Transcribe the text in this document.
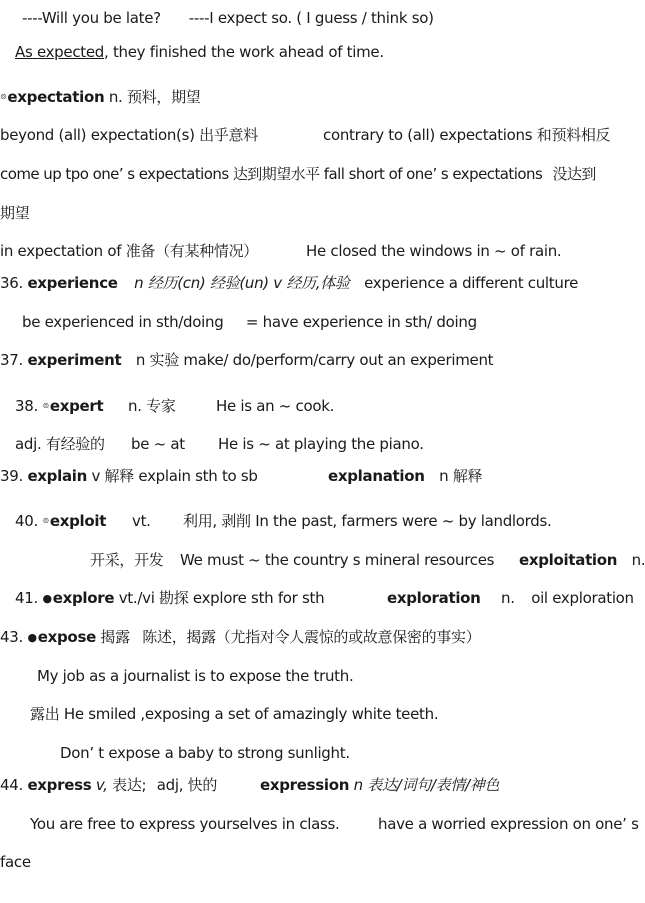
----Will you be late? ----I expect so. ( I guess / think so)
As expected, they finished the work ahead of time.
⊚expectation n. 预料，期望
beyond (all) expectation(s) 出乎意料	contrary to (all) expectations 和预料相反
come up tpo one’ s expectations 达到期望水平 fall short of one’ s expectations 没达到
期望
in expectation of 准备（有某种情况）	He closed the windows in ~ of rain.
36. experience n 经历(cn) 经验(un) v 经历,体验 experience a different culture
be experienced in sth/doing = have experience in sth/ doing
37. experiment n 实验 make/ do/perform/carry out an experiment
38. ⊚expert n. 专家	He is an ~ cook.
adj. 有经验的 be ~ at He is ~ at playing the piano.
39. explain v 解释 explain sth to sb	explanation n 解释
40. ⊚exploit vt. 利用, 剥削 In the past, farmers were ~ by landlords.
开采，开发 We must ~ the country s mineral resources exploitation n.
41. ●explore vt./vi 勘探 explore sth for sth	exploration n. oil exploration
43. ●expose 揭露 陈述，揭露（尤指对令人震惊的或故意保密的事实）
My job as a journalist is to expose the truth.
露出 He smiled ,exposing a set of amazingly white teeth.
Don’ t expose a baby to strong sunlight.
44. express v, 表达; adj, 快的	expression n 表达/词句/表情/神色
You are free to express yourselves in class.	have a worried expression on one’ s
face
